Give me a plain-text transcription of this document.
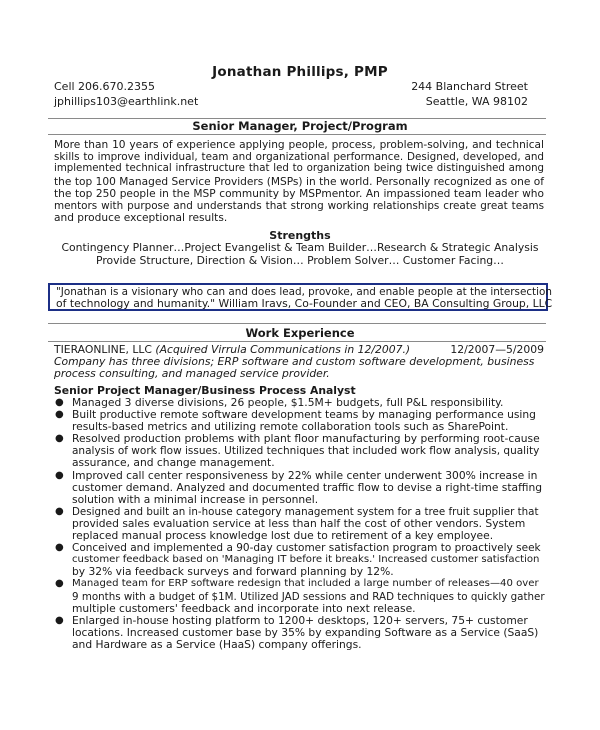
Jonathan Phillips, PMP
Cell 206.670.2355
jphillips103@earthlink.net
244 Blanchard Street
Seattle, WA 98102
Senior Manager, Project/Program
More than 10 years of experience applying people, process, problem-solving, and technical
skills to improve individual, team and organizational performance. Designed, developed, and
implemented technical infrastructure that led to organization being twice distinguished among
the top 100 Managed Service Providers (MSPs) in the world. Personally recognized as one of
the top 250 people in the MSP community by MSPmentor. An impassioned team leader who
mentors with purpose and understands that strong working relationships create great teams
and produce exceptional results.
Strengths
Contingency Planner…Project Evangelist & Team Builder…Research & Strategic Analysis
Provide Structure, Direction & Vision… Problem Solver… Customer Facing…
"Jonathan is a visionary who can and does lead, provoke, and enable people at the intersection
of technology and humanity." William Iravs, Co-Founder and CEO, BA Consulting Group, LLC
Work Experience
TIERAONLINE, LLC (Acquired Virrula Communications in 12/2007.)	12/2007—5/2009
Company has three divisions; ERP software and custom software development, business
process consulting, and managed service provider.
Senior Project Manager/Business Process Analyst
● Managed 3 diverse divisions, 26 people, $1.5M+ budgets, full P&L responsibility.
● Built productive remote software development teams by managing performance using
results-based metrics and utilizing remote collaboration tools such as SharePoint.
● Resolved production problems with plant floor manufacturing by performing root-cause
analysis of work flow issues. Utilized techniques that included work flow analysis, quality
assurance, and change management.
● Improved call center responsiveness by 22% while center underwent 300% increase in
customer demand. Analyzed and documented traffic flow to devise a right-time staffing
solution with a minimal increase in personnel.
● Designed and built an in-house category management system for a tree fruit supplier that
provided sales evaluation service at less than half the cost of other vendors. System
replaced manual process knowledge lost due to retirement of a key employee.
● Conceived and implemented a 90-day customer satisfaction program to proactively seek
customer feedback based on 'Managing IT before it breaks.' Increased customer satisfaction
by 32% via feedback surveys and forward planning by 12%.
● Managed team for ERP software redesign that included a large number of releases—40 over
9 months with a budget of $1M. Utilized JAD sessions and RAD techniques to quickly gather
multiple customers' feedback and incorporate into next release.
● Enlarged in-house hosting platform to 1200+ desktops, 120+ servers, 75+ customer
locations. Increased customer base by 35% by expanding Software as a Service (SaaS)
and Hardware as a Service (HaaS) company offerings.
